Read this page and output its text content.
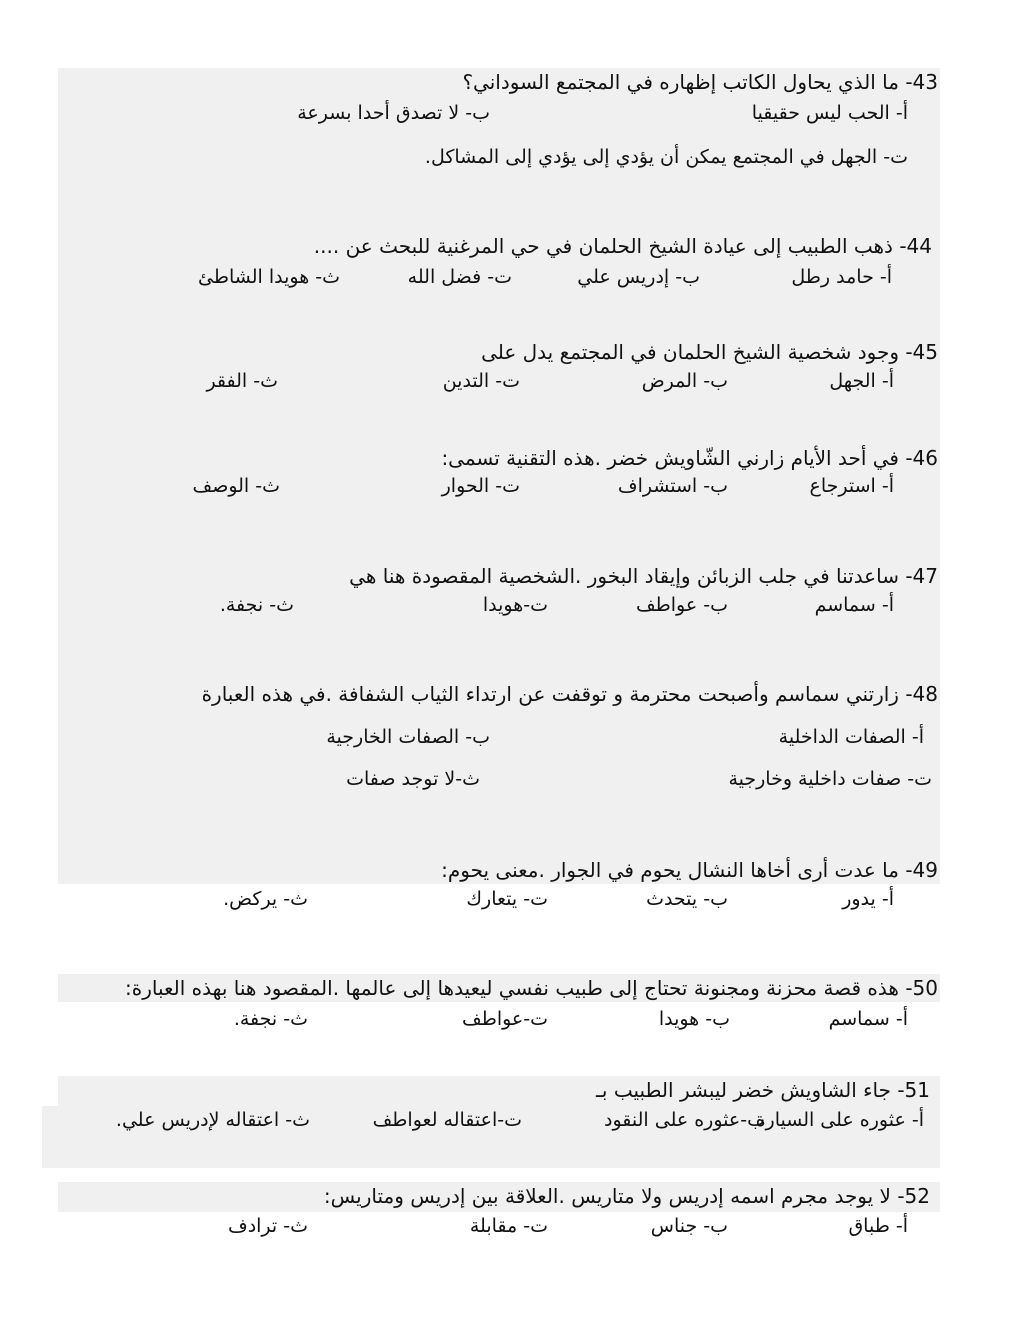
43- ما الذي يحاول الكاتب إظهاره في المجتمع السوداني؟
أ- الحب ليس حقيقيا
ب- لا تصدق أحدا بسرعة
ت- الجهل في المجتمع يمكن أن يؤدي إلى يؤدي إلى المشاكل.
44- ذهب الطبيب إلى عيادة الشيخ الحلمان في حي المرغنية للبحث عن ....
أ- حامد رطل
ب- إدريس علي
ت- فضل الله
ث- هويدا الشاطئ
45- وجود شخصية الشيخ الحلمان في المجتمع يدل على
أ- الجهل
ب- المرض
ت- التدين
ث- الفقر
46- في أحد الأيام زارني الشّاويش خضر .هذه التقنية تسمى:
أ- استرجاع
ب- استشراف
ت- الحوار
ث- الوصف
47- ساعدتنا في جلب الزبائن وإيقاد البخور .الشخصية المقصودة هنا هي
أ- سماسم
ب- عواطف
ت-هويدا
ث- نجفة.
48- زارتني سماسم وأصبحت محترمة و توقفت عن ارتداء الثياب الشفافة .في هذه العبارة
أ- الصفات الداخلية
ب- الصفات الخارجية
ت- صفات داخلية وخارجية
ث-لا توجد صفات
49- ما عدت أرى أخاها النشال يحوم في الجوار .معنى يحوم:
أ- يدور
ب- يتحدث
ت- يتعارك
ث- يركض.
50- هذه قصة محزنة ومجنونة تحتاج إلى طبيب نفسي ليعيدها إلى عالمها .المقصود هنا بهذه العبارة:
أ- سماسم
ب- هويدا
ت-عواطف
ث- نجفة.
51- جاء الشاويش خضر ليبشر الطبيب بـ
أ- عثوره على السيارة
ب-عثوره على النقود
ت-اعتقاله لعواطف
ث- اعتقاله لإدريس علي.
52- لا يوجد مجرم اسمه إدريس ولا متاريس .العلاقة بين إدريس ومتاريس:
أ- طباق
ب- جناس
ت- مقابلة
ث- ترادف
